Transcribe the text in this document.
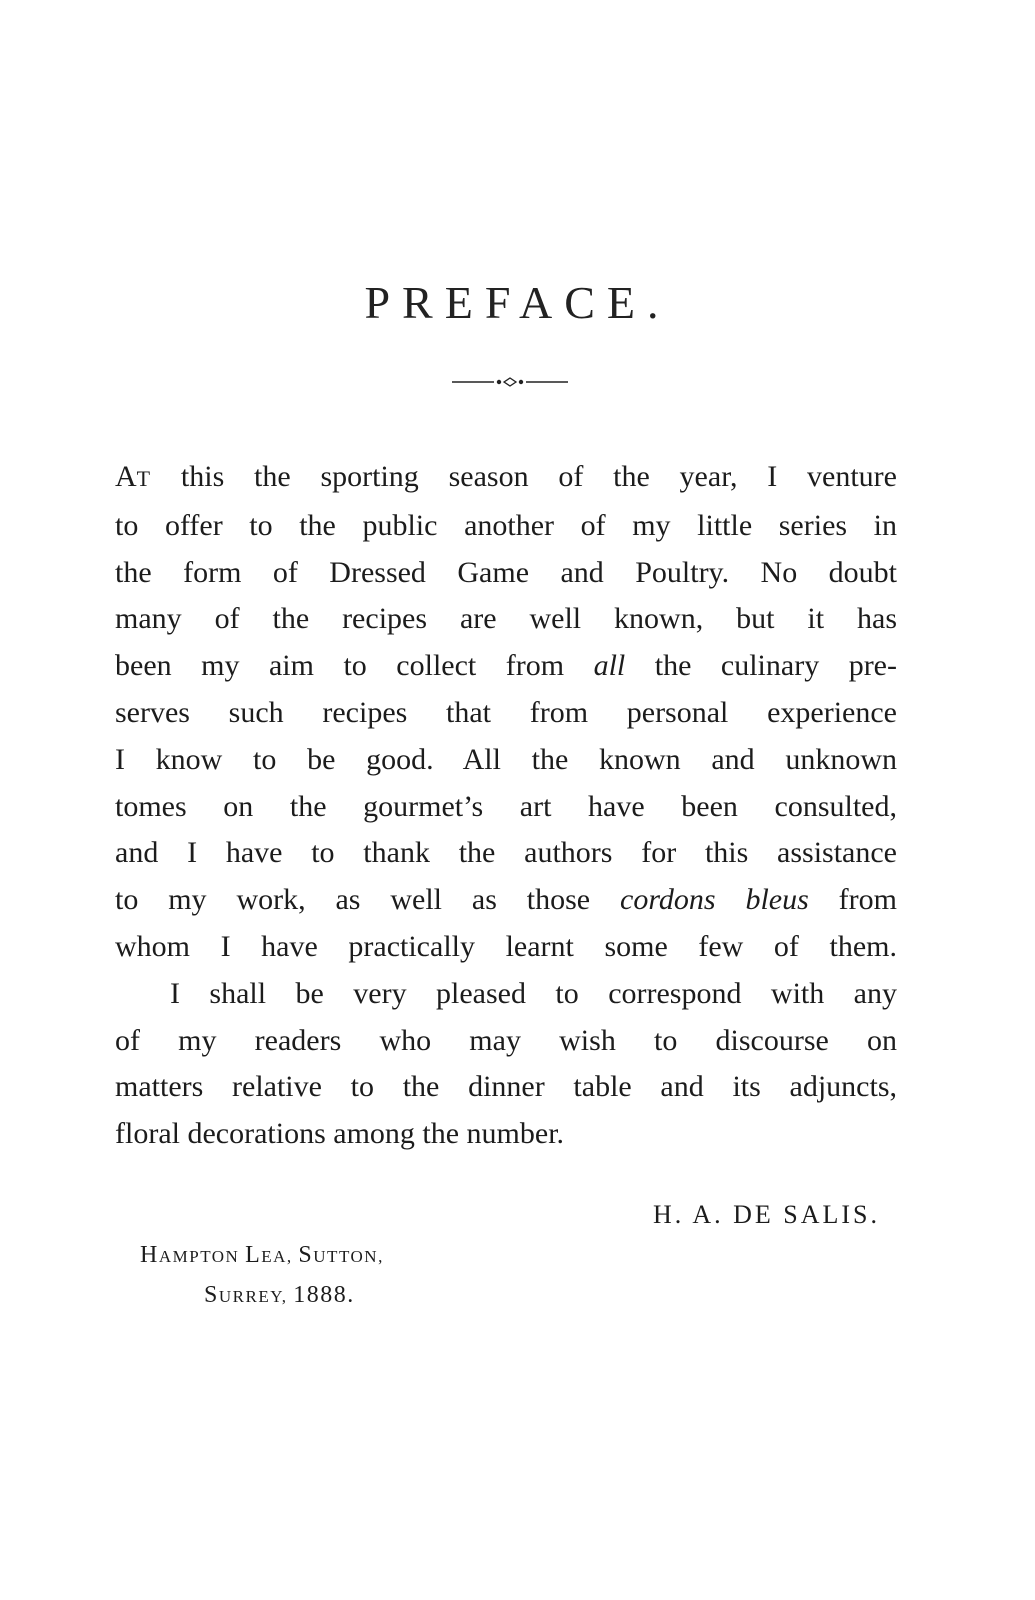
PREFACE.
AT this the sporting season of the year, I venture
to offer to the public another of my little series in
the form of Dressed Game and Poultry. No doubt
many of the recipes are well known, but it has
been my aim to collect from all the culinary pre-
serves such recipes that from personal experience
I know to be good. All the known and unknown
tomes on the gourmet’s art have been consulted,
and I have to thank the authors for this assistance
to my work, as well as those cordons bleus from
whom I have practically learnt some few of them.
I shall be very pleased to correspond with any
of my readers who may wish to discourse on
matters relative to the dinner table and its adjuncts,
floral decorations among the number.
H. A. DE SALIS.
HAMPTON LEA, SUTTON,
SURREY, 1888.
